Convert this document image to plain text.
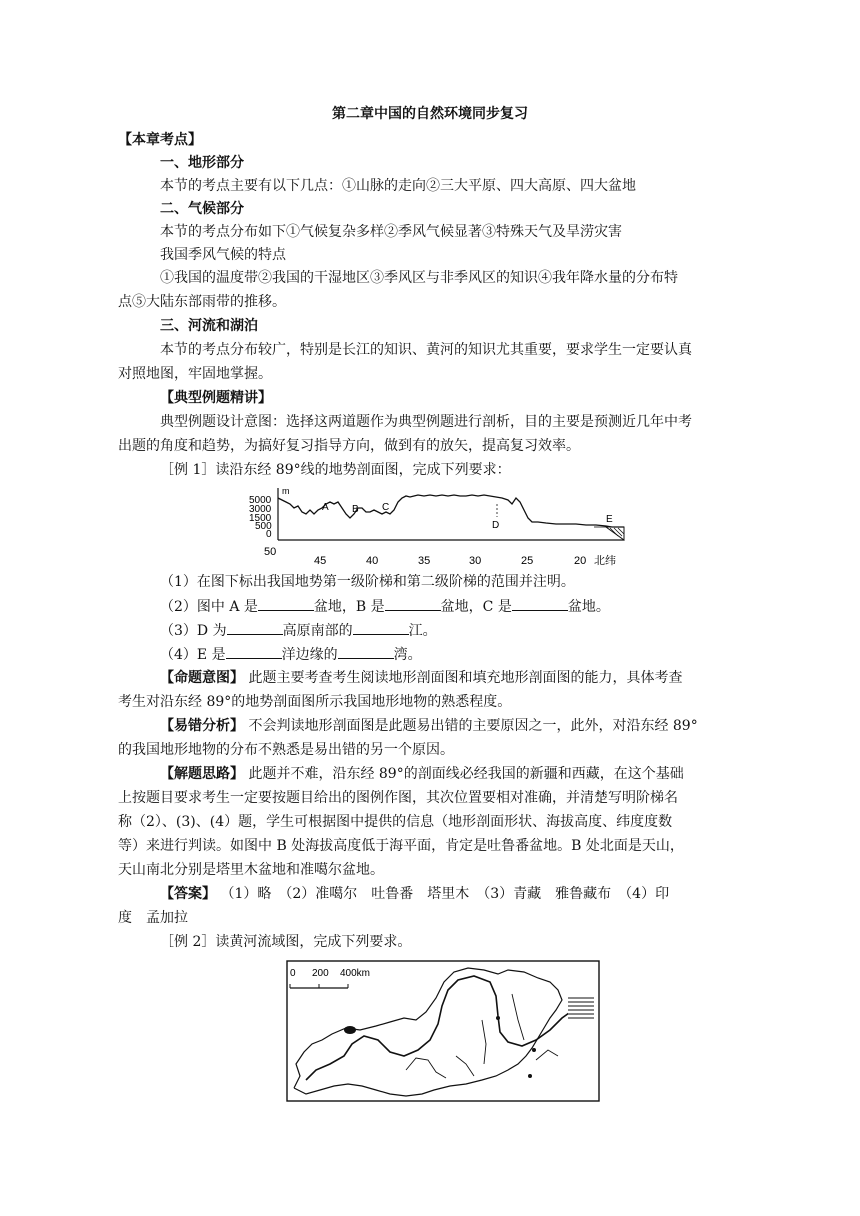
第二章中国的自然环境同步复习
【本章考点】
一、地形部分
本节的考点主要有以下几点：①山脉的走向②三大平原、四大高原、四大盆地
二、气候部分
本节的考点分布如下①气候复杂多样②季风气候显著③特殊天气及旱涝灾害
我国季风气候的特点
①我国的温度带②我国的干湿地区③季风区与非季风区的知识④我年降水量的分布特
点⑤大陆东部雨带的推移。
三、河流和湖泊
本节的考点分布较广，特别是长江的知识、黄河的知识尤其重要，要求学生一定要认真
对照地图，牢固地掌握。
【典型例题精讲】
典型例题设计意图：选择这两道题作为典型例题进行剖析，目的主要是预测近几年中考
出题的角度和趋势，为搞好复习指导方向，做到有的放矢，提高复习效率。
［例 1］读沿东经 89°线的地势剖面图，完成下列要求：
m
5000
3000
1500
500
0
A B C
D
E
50
45	40	35	30	25	20 北纬
（1）在图下标出我国地势第一级阶梯和第二级阶梯的范围并注明。
（2）图中 A 是	盆地，B 是	盆地，C 是	盆地。
（3）D 为	高原南部的	江。
（4）E 是	洋边缘的	湾。
【命题意图】 此题主要考查考生阅读地形剖面图和填充地形剖面图的能力，具体考查
考生对沿东经 89°的地势剖面图所示我国地形地物的熟悉程度。
【易错分析】 不会判读地形剖面图是此题易出错的主要原因之一，此外，对沿东经 89°
的我国地形地物的分布不熟悉是易出错的另一个原因。
【解题思路】 此题并不难，沿东经 89°的剖面线必经我国的新疆和西藏，在这个基础
上按题目要求考生一定要按题目给出的图例作图，其次位置要相对准确，并清楚写明阶梯名
称（2）、(3)、(4）题，学生可根据图中提供的信息（地形剖面形状、海拔高度、纬度度数
等）来进行判读。如图中 B 处海拔高度低于海平面，肯定是吐鲁番盆地。B 处北面是天山，
天山南北分别是塔里木盆地和准噶尔盆地。
【答案】 （1）略　（2）准噶尔　吐鲁番　塔里木　（3）青藏　雅鲁藏布　（4）印
度　孟加拉
［例 2］读黄河流域图，完成下列要求。
0 200 400km
